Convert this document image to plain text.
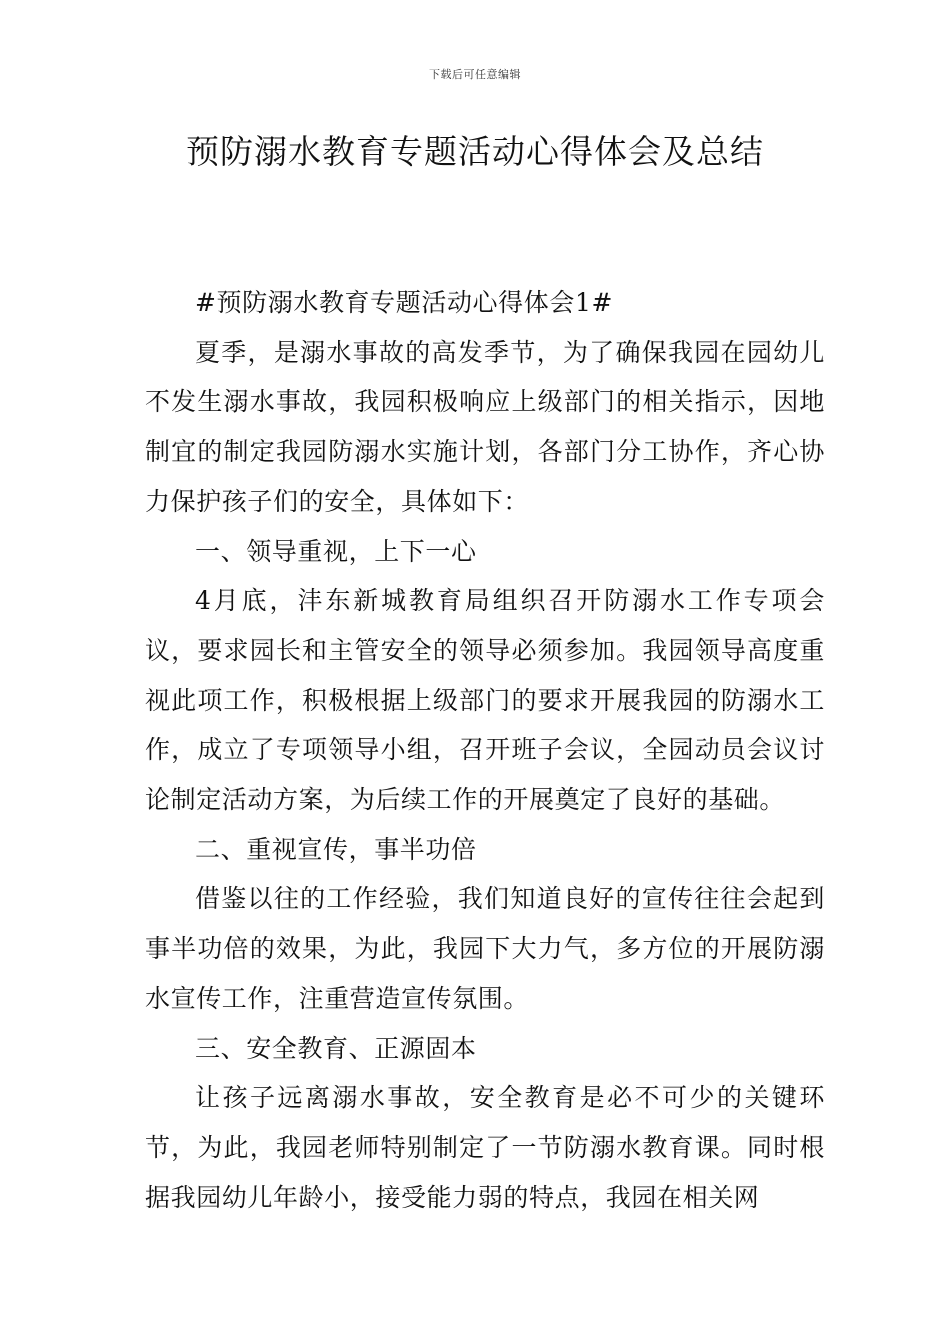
下载后可任意编辑
预防溺水教育专题活动心得体会及总结

#预防溺水教育专题活动心得体会1#

夏季，是溺水事故的高发季节，为了确保我园在园幼儿不发生溺水事故，我园积极响应上级部门的相关指示，因地制宜的制定我园防溺水实施计划，各部门分工协作，齐心协力保护孩子们的安全，具体如下：

一、领导重视，上下一心

4月底，沣东新城教育局组织召开防溺水工作专项会议，要求园长和主管安全的领导必须参加。我园领导高度重视此项工作，积极根据上级部门的要求开展我园的防溺水工作，成立了专项领导小组，召开班子会议，全园动员会议讨论制定活动方案，为后续工作的开展奠定了良好的基础。

二、重视宣传，事半功倍

借鉴以往的工作经验，我们知道良好的宣传往往会起到事半功倍的效果，为此，我园下大力气，多方位的开展防溺水宣传工作，注重营造宣传氛围。

三、安全教育、正源固本

让孩子远离溺水事故，安全教育是必不可少的关键环节，为此，我园老师特别制定了一节防溺水教育课。同时根据我园幼儿年龄小，接受能力弱的特点，我园在相关网
